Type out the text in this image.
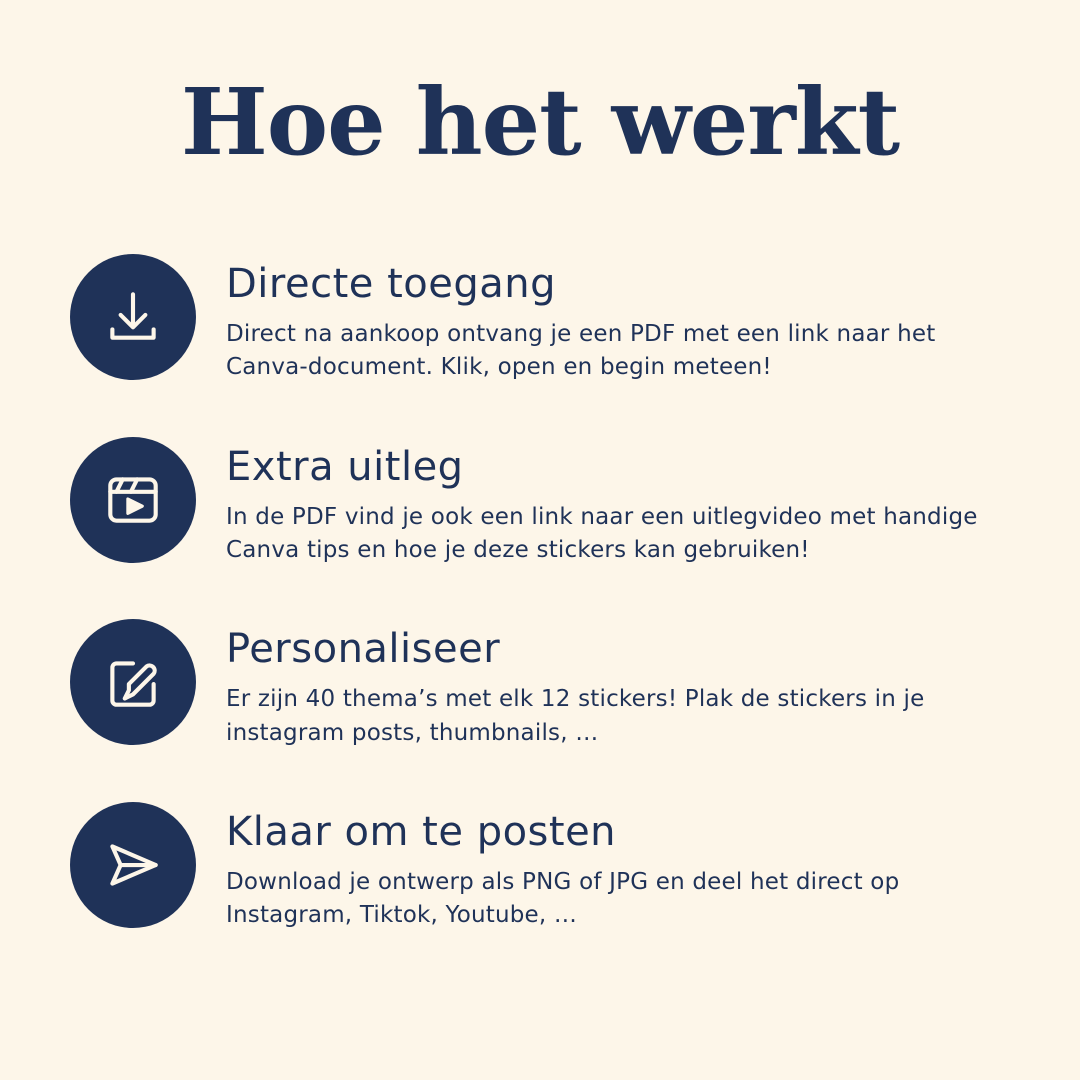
Hoe het werkt
Directe toegang
Direct na aankoop ontvang je een PDF met een link naar het Canva-document. Klik, open en begin meteen!
Extra uitleg
In de PDF vind je ook een link naar een uitlegvideo met handige Canva tips en hoe je deze stickers kan gebruiken!
Personaliseer
Er zijn 40 thema’s met elk 12 stickers! Plak de stickers in je instagram posts, thumbnails, …
Klaar om te posten
Download je ontwerp als PNG of JPG en deel het direct op Instagram, Tiktok, Youtube, …
